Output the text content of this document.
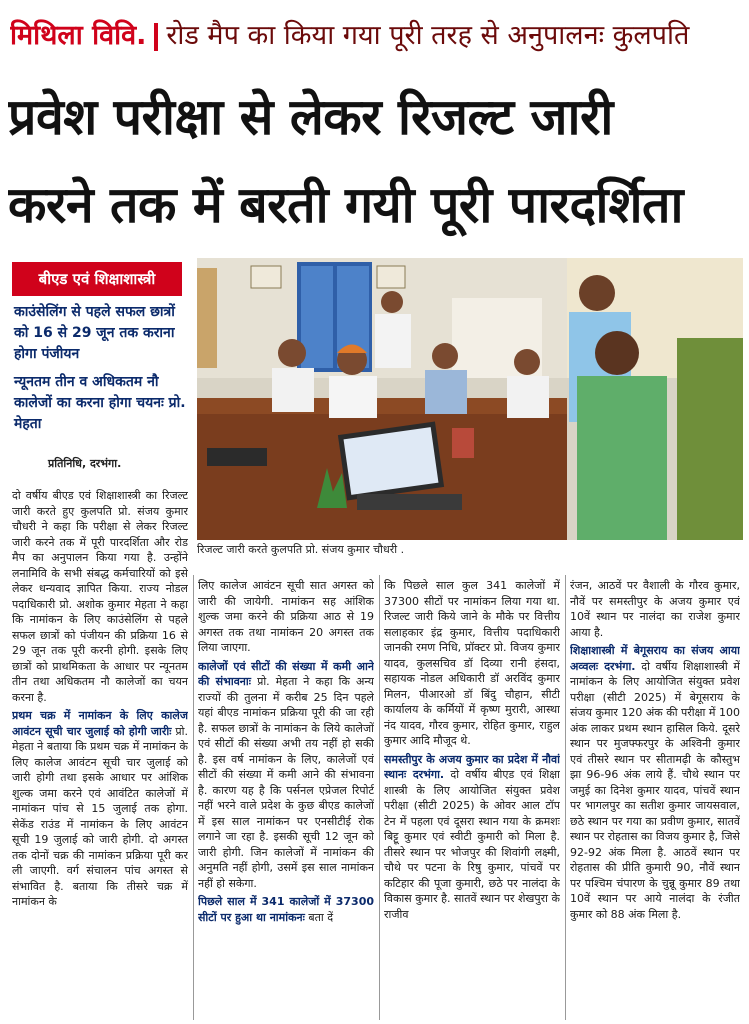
मिथिला विवि. रोड मैप का किया गया पूरी तरह से अनुपालनः कुलपति
प्रवेश परीक्षा से लेकर रिजल्ट जारी
करने तक में बरती गयी पूरी पारदर्शिता
बीएड एवं शिक्षाशास्त्री
काउंसेलिंग से पहले सफल छात्रों को 16 से 29 जून तक कराना होगा पंजीयन
न्यूनतम तीन व अधिकतम नौ कालेजों का करना होगा चयनः प्रो. मेहता
प्रतिनिधि, दरभंगा.
रिजल्ट जारी करते कुलपति प्रो. संजय कुमार चौधरी .

दो वर्षीय बीएड एवं शिक्षाशास्त्री का रिजल्ट जारी करते हुए कुलपति प्रो. संजय कुमार चौधरी ने कहा कि परीक्षा से लेकर रिजल्ट जारी करने तक में पूरी पारदर्शिता और रोड मैप का अनुपालन किया गया है. उन्होंने लनामिवि के सभी संबद्ध कर्मचारियों को इसे लेकर धन्यवाद ज्ञापित किया. राज्य नोडल पदाधिकारी प्रो. अशोक कुमार मेहता ने कहा कि नामांकन के लिए काउंसेलिंग से पहले सफल छात्रों को पंजीयन की प्रक्रिया 16 से 29 जून तक पूरी करनी होगी. इसके लिए छात्रों को प्राथमिकता के आधार पर न्यूनतम तीन तथा अधिकतम नौ कालेजों का चयन करना है.

प्रथम चक्र में नामांकन के लिए कालेज आवंटन सूची चार जुलाई को होगी जारीः प्रो. मेहता ने बताया कि प्रथम चक्र में नामांकन के लिए कालेज आवंटन सूची चार जुलाई को जारी होगी तथा इसके आधार पर आंशिक शुल्क जमा करने एवं आवंटित कालेजों में नामांकन पांच से 15 जुलाई तक होगा. सेकेंड राउंड में नामांकन के लिए आवंटन सूची 19 जुलाई को जारी होगी. दो अगस्त तक दोनों चक्र की नामांकन प्रक्रिया पूरी कर ली जाएगी. वर्ग संचालन पांच अगस्त से संभावित है. बताया कि तीसरे चक्र में नामांकन के

लिए कालेज आवंटन सूची सात अगस्त को जारी की जायेगी. नामांकन सह आंशिक शुल्क जमा करने की प्रक्रिया आठ से 19 अगस्त तक तथा नामांकन 20 अगस्त तक लिया जाएगा.

कालेजों एवं सीटों की संख्या में कमी आने की संभावनाः प्रो. मेहता ने कहा कि अन्य राज्यों की तुलना में करीब 25 दिन पहले यहां बीएड नामांकन प्रक्रिया पूरी की जा रही है. सफल छात्रों के नामांकन के लिये कालेजों एवं सीटों की संख्या अभी तय नहीं हो सकी है. इस वर्ष नामांकन के लिए, कालेजों एवं सीटों की संख्या में कमी आने की संभावना है. कारण यह है कि पर्सनल एप्रेजल रिपोर्ट नहीं भरने वाले प्रदेश के कुछ बीएड कालेजों में इस साल नामांकन पर एनसीटीई रोक लगाने जा रहा है. इसकी सूची 12 जून को जारी होगी. जिन कालेजों में नामांकन की अनुमति नहीं होगी, उसमें इस साल नामांकन नहीं हो सकेगा.

पिछले साल में 341 कालेजों में 37300 सीटों पर हुआ था नामांकनः बता दें

कि पिछले साल कुल 341 कालेजों में 37300 सीटों पर नामांकन लिया गया था. रिजल्ट जारी किये जाने के मौके पर वित्तीय सलाहकार इंद्र कुमार, वित्तीय पदाधिकारी जानकी रमण निधि, प्रॉक्टर प्रो. विजय कुमार यादव, कुलसचिव डॉ दिव्या रानी हंसदा, सहायक नोडल अधिकारी डॉ अरविंद कुमार मिलन, पीआरओ डॉ बिंदु चौहान, सीटी कार्यालय के कर्मियों में कृष्ण मुरारी, आस्था नंद यादव, गौरव कुमार, रोहित कुमार, राहुल कुमार आदि मौजूद थे.

समस्तीपुर के अजय कुमार का प्रदेश में नौवां स्थानः दरभंगा. दो वर्षीय बीएड एवं शिक्षा शास्त्री के लिए आयोजित संयुक्त प्रवेश परीक्षा (सीटी 2025) के ओवर आल टॉप टेन में पहला एवं दूसरा स्थान गया के क्रमशः बिट्टू कुमार एवं स्वीटी कुमारी को मिला है. तीसरे स्थान पर भोजपुर की शिवांगी लक्ष्मी, चौथे पर पटना के रिषु कुमार, पांचवें पर कटिहार की पूजा कुमारी, छठे पर नालंदा के विकास कुमार है. सातवें स्थान पर शेखपुरा के राजीव

रंजन, आठवें पर वैशाली के गौरव कुमार, नौवें पर समस्तीपुर के अजय कुमार एवं 10वें स्थान पर नालंदा का राजेश कुमार आया है.

शिक्षाशास्त्री में बेगूसराय का संजय आया अव्वलः दरभंगा. दो वर्षीय शिक्षाशास्त्री में नामांकन के लिए आयोजित संयुक्त प्रवेश परीक्षा (सीटी 2025) में बेगूसराय के संजय कुमार 120 अंक की परीक्षा में 100 अंक लाकर प्रथम स्थान हासिल किये. दूसरे स्थान पर मुजफ्फरपुर के अश्विनी कुमार एवं तीसरे स्थान पर सीतामढ़ी के कौस्तुभ झा 96-96 अंक लाये हैं. चौथे स्थान पर जमुई का दिनेश कुमार यादव, पांचवें स्थान पर भागलपुर का सतीश कुमार जायसवाल, छठे स्थान पर गया का प्रवीण कुमार, सातवें स्थान पर रोहतास का विजय कुमार है, जिसे 92-92 अंक मिला है. आठवें स्थान पर रोहतास की प्रीति कुमारी 90, नौवें स्थान पर पश्चिम चंपारण के चुन्नू कुमार 89 तथा 10वें स्थान पर आये नालंदा के रंजीत कुमार को 88 अंक मिला है.
